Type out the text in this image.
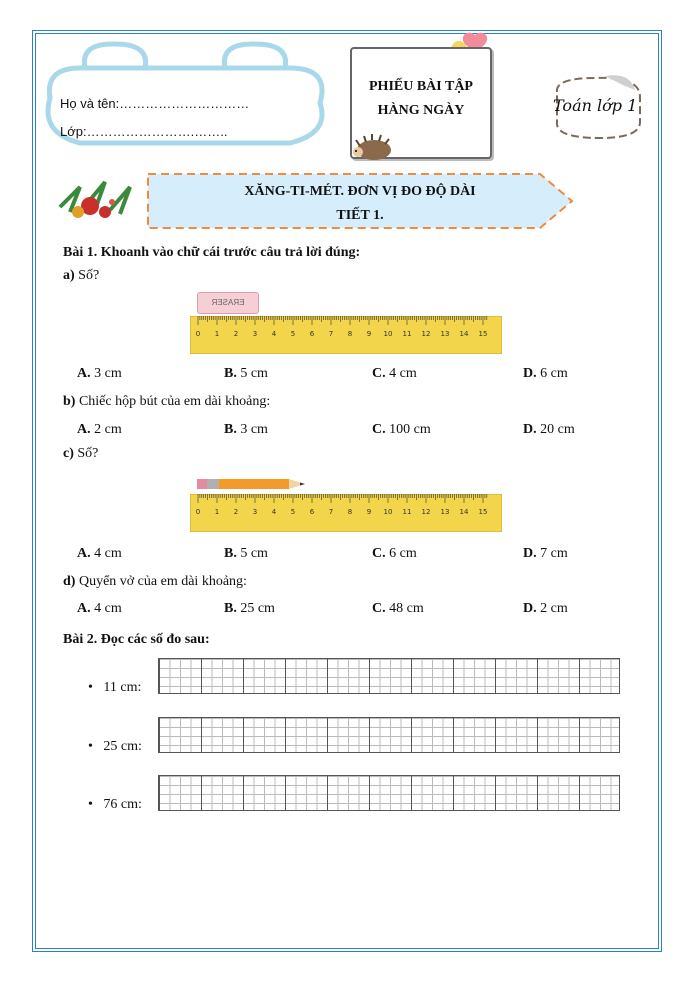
Họ và tên:…………………………
Lớp:…………………….……..
PHIẾU BÀI TẬP
HÀNG NGÀY	Toán lớp 1
XĂNG-TI-MÉT. ĐƠN VỊ ĐO ĐỘ DÀI
TIẾT 1.
Bài 1. Khoanh vào chữ cái trước câu trả lời đúng:
a) Số?
ERASER
0 1 2 3 4 5 6 7 8 9 10 11 12 13 14 15
b) Chiếc hộp bút của em dài khoảng:
c) Số?
0 1 2 3 4 5 6 7 8 9 10 11 12 13 14 15
d) Quyển vở của em dài khoảng:
Bài 2. Đọc các số đo sau:
• 11 cm:
• 25 cm:
• 76 cm:
A. 3 cm	B. 5 cm	C. 4 cm	D. 6 cm
A. 2 cm	B. 3 cm	C. 100 cm	D. 20 cm
A. 4 cm	B. 5 cm	C. 6 cm	D. 7 cm
A. 4 cm	B. 25 cm	C. 48 cm	D. 2 cm
